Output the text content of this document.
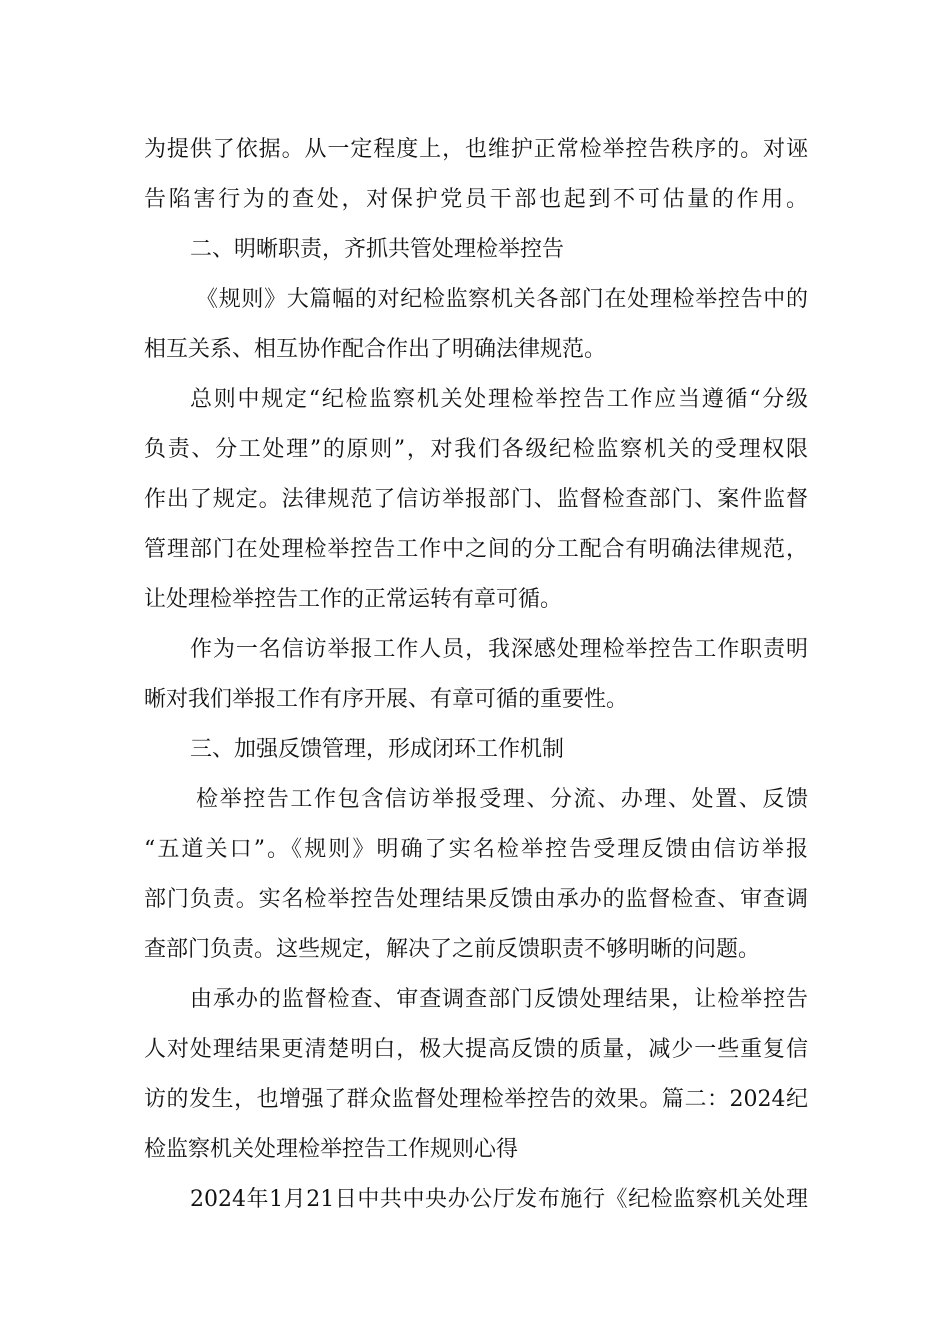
为提供了依据。从一定程度上，也维护正常检举控告秩序的。对诬
告陷害行为的查处，对保护党员干部也起到不可估量的作用。
二、明晰职责，齐抓共管处理检举控告
《规则》大篇幅的对纪检监察机关各部门在处理检举控告中的
相互关系、相互协作配合作出了明确法律规范。
总则中规定“纪检监察机关处理检举控告工作应当遵循“分级
负责、分工处理”的原则”，对我们各级纪检监察机关的受理权限
作出了规定。法律规范了信访举报部门、监督检查部门、案件监督
管理部门在处理检举控告工作中之间的分工配合有明确法律规范，
让处理检举控告工作的正常运转有章可循。
作为一名信访举报工作人员，我深感处理检举控告工作职责明
晰对我们举报工作有序开展、有章可循的重要性。
三、加强反馈管理，形成闭环工作机制
检举控告工作包含信访举报受理、分流、办理、处置、反馈
“五道关口”。《规则》明确了实名检举控告受理反馈由信访举报
部门负责。实名检举控告处理结果反馈由承办的监督检查、审查调
查部门负责。这些规定，解决了之前反馈职责不够明晰的问题。
由承办的监督检查、审查调查部门反馈处理结果，让检举控告
人对处理结果更清楚明白，极大提高反馈的质量，减少一些重复信
访的发生，也增强了群众监督处理检举控告的效果。篇二：2024纪
检监察机关处理检举控告工作规则心得
2024年1月21日中共中央办公厅发布施行《纪检监察机关处理
